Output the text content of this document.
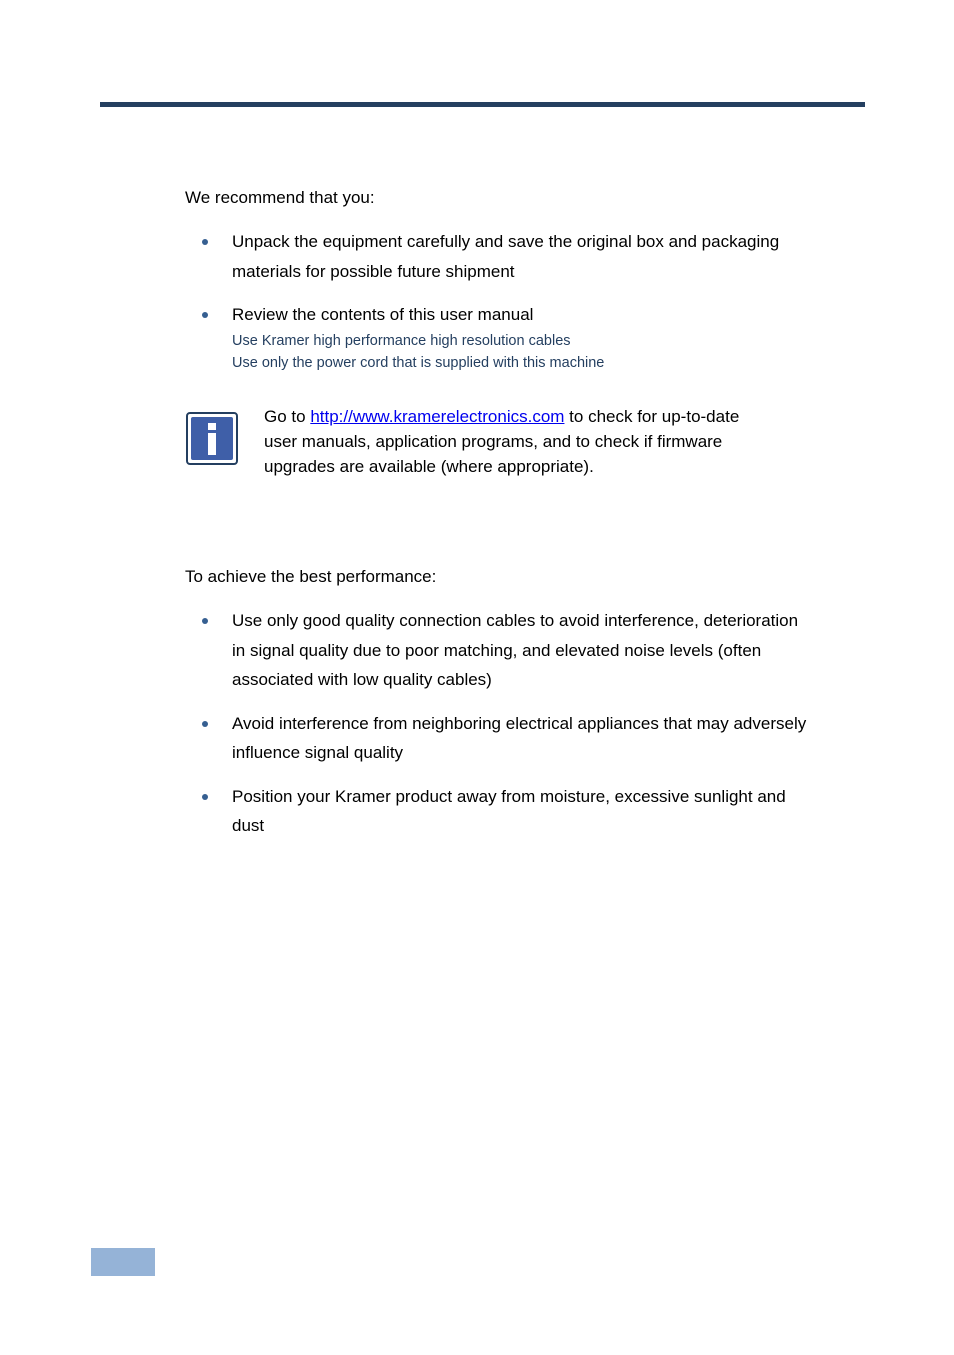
We recommend that you:

Unpack the equipment carefully and save the original box and packaging
materials for possible future shipment
Review the contents of this user manual
Use Kramer high performance high resolution cables
Use only the power cord that is supplied with this machine
Go to http://www.kramerelectronics.com to check for up-to-date
user manuals, application programs, and to check if firmware
upgrades are available (where appropriate).

To achieve the best performance:

Use only good quality connection cables to avoid interference, deterioration
in signal quality due to poor matching, and elevated noise levels (often
associated with low quality cables)
Avoid interference from neighboring electrical appliances that may adversely
influence signal quality
Position your Kramer product away from moisture, excessive sunlight and
dust
